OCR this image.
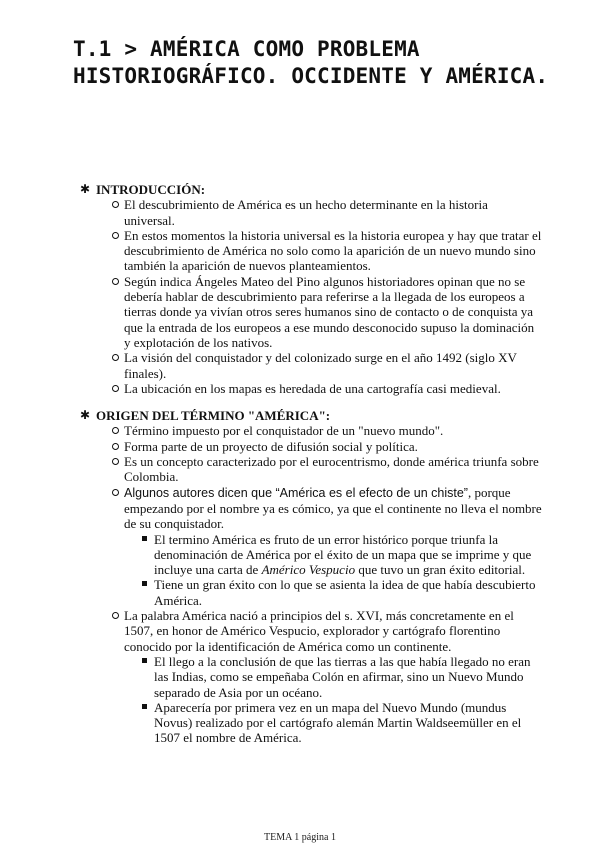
T.1 > AMÉRICA COMO PROBLEMA
HISTORIOGRÁFICO. OCCIDENTE Y AMÉRICA.
✱ INTRODUCCIÓN:
El descubrimiento de América es un hecho determinante en la historia universal.
En estos momentos la historia universal es la historia europea y hay que tratar el descubrimiento de América no solo como la aparición de un nuevo mundo sino también la aparición de nuevos planteamientos.
Según indica Ángeles Mateo del Pino algunos historiadores opinan que no se debería hablar de descubrimiento para referirse a la llegada de los europeos a tierras donde ya vivían otros seres humanos sino de contacto o de conquista ya que la entrada de los europeos a ese mundo desconocido supuso la dominación y explotación de los nativos.
La visión del conquistador y del colonizado surge en el año 1492 (siglo XV finales).
La ubicación en los mapas es heredada de una cartografía casi medieval.
✱ ORIGEN DEL TÉRMINO "AMÉRICA":
Término impuesto por el conquistador de un "nuevo mundo".
Forma parte de un proyecto de difusión social y política.
Es un concepto caracterizado por el eurocentrismo, donde américa triunfa sobre Colombia.
Algunos autores dicen que “América es el efecto de un chiste”, porque empezando por el nombre ya es cómico, ya que el continente no lleva el nombre de su conquistador.
El termino América es fruto de un error histórico porque triunfa la denominación de América por el éxito de un mapa que se imprime y que incluye una carta de Américo Vespucio que tuvo un gran éxito editorial.
Tiene un gran éxito con lo que se asienta la idea de que había descubierto América.
La palabra América nació a principios del s. XVI, más concretamente en el 1507, en honor de Américo Vespucio, explorador y cartógrafo florentino conocido por la identificación de América como un continente.
El llego a la conclusión de que las tierras a las que había llegado no eran las Indias, como se empeñaba Colón en afirmar, sino un Nuevo Mundo separado de Asia por un océano.
Aparecería por primera vez en un mapa del Nuevo Mundo (mundus Novus) realizado por el cartógrafo alemán Martin Waldseemüller en el 1507 el nombre de América.
TEMA 1 página 1
